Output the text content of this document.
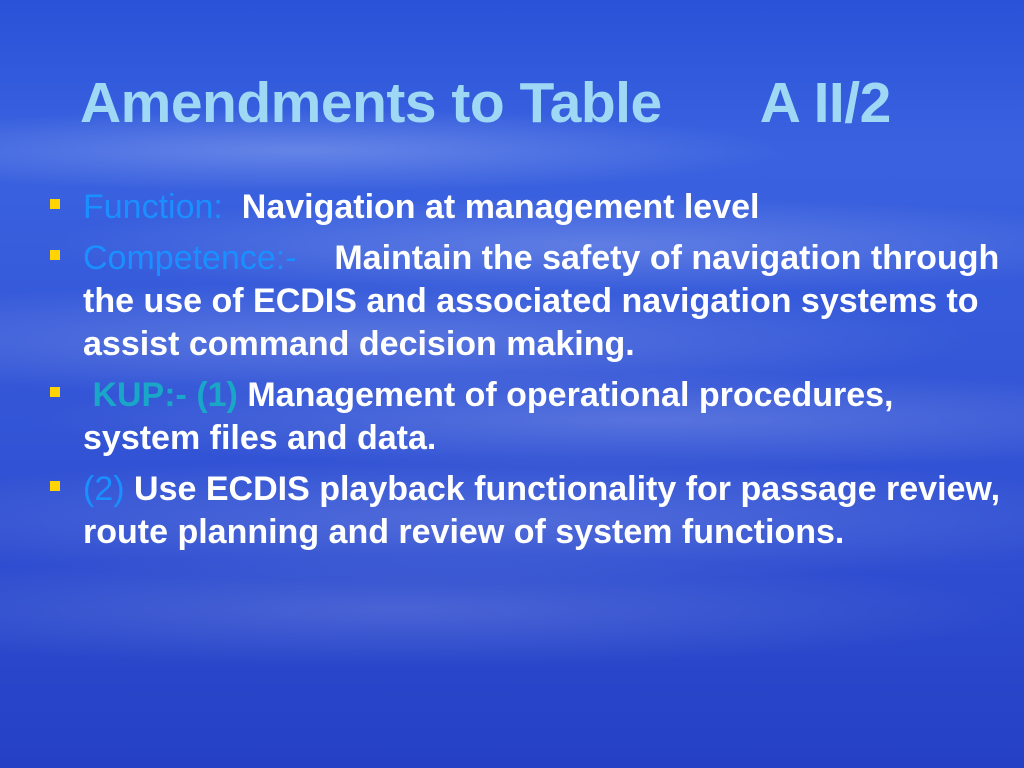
Amendments to Table A II/2
Function: Navigation at management level
Competence:- Maintain the safety of navigation through the use of ECDIS and associated navigation systems to assist command decision making.
KUP:- (1) Management of operational procedures, system files and data.
(2) Use ECDIS playback functionality for passage review, route planning and review of system functions.
